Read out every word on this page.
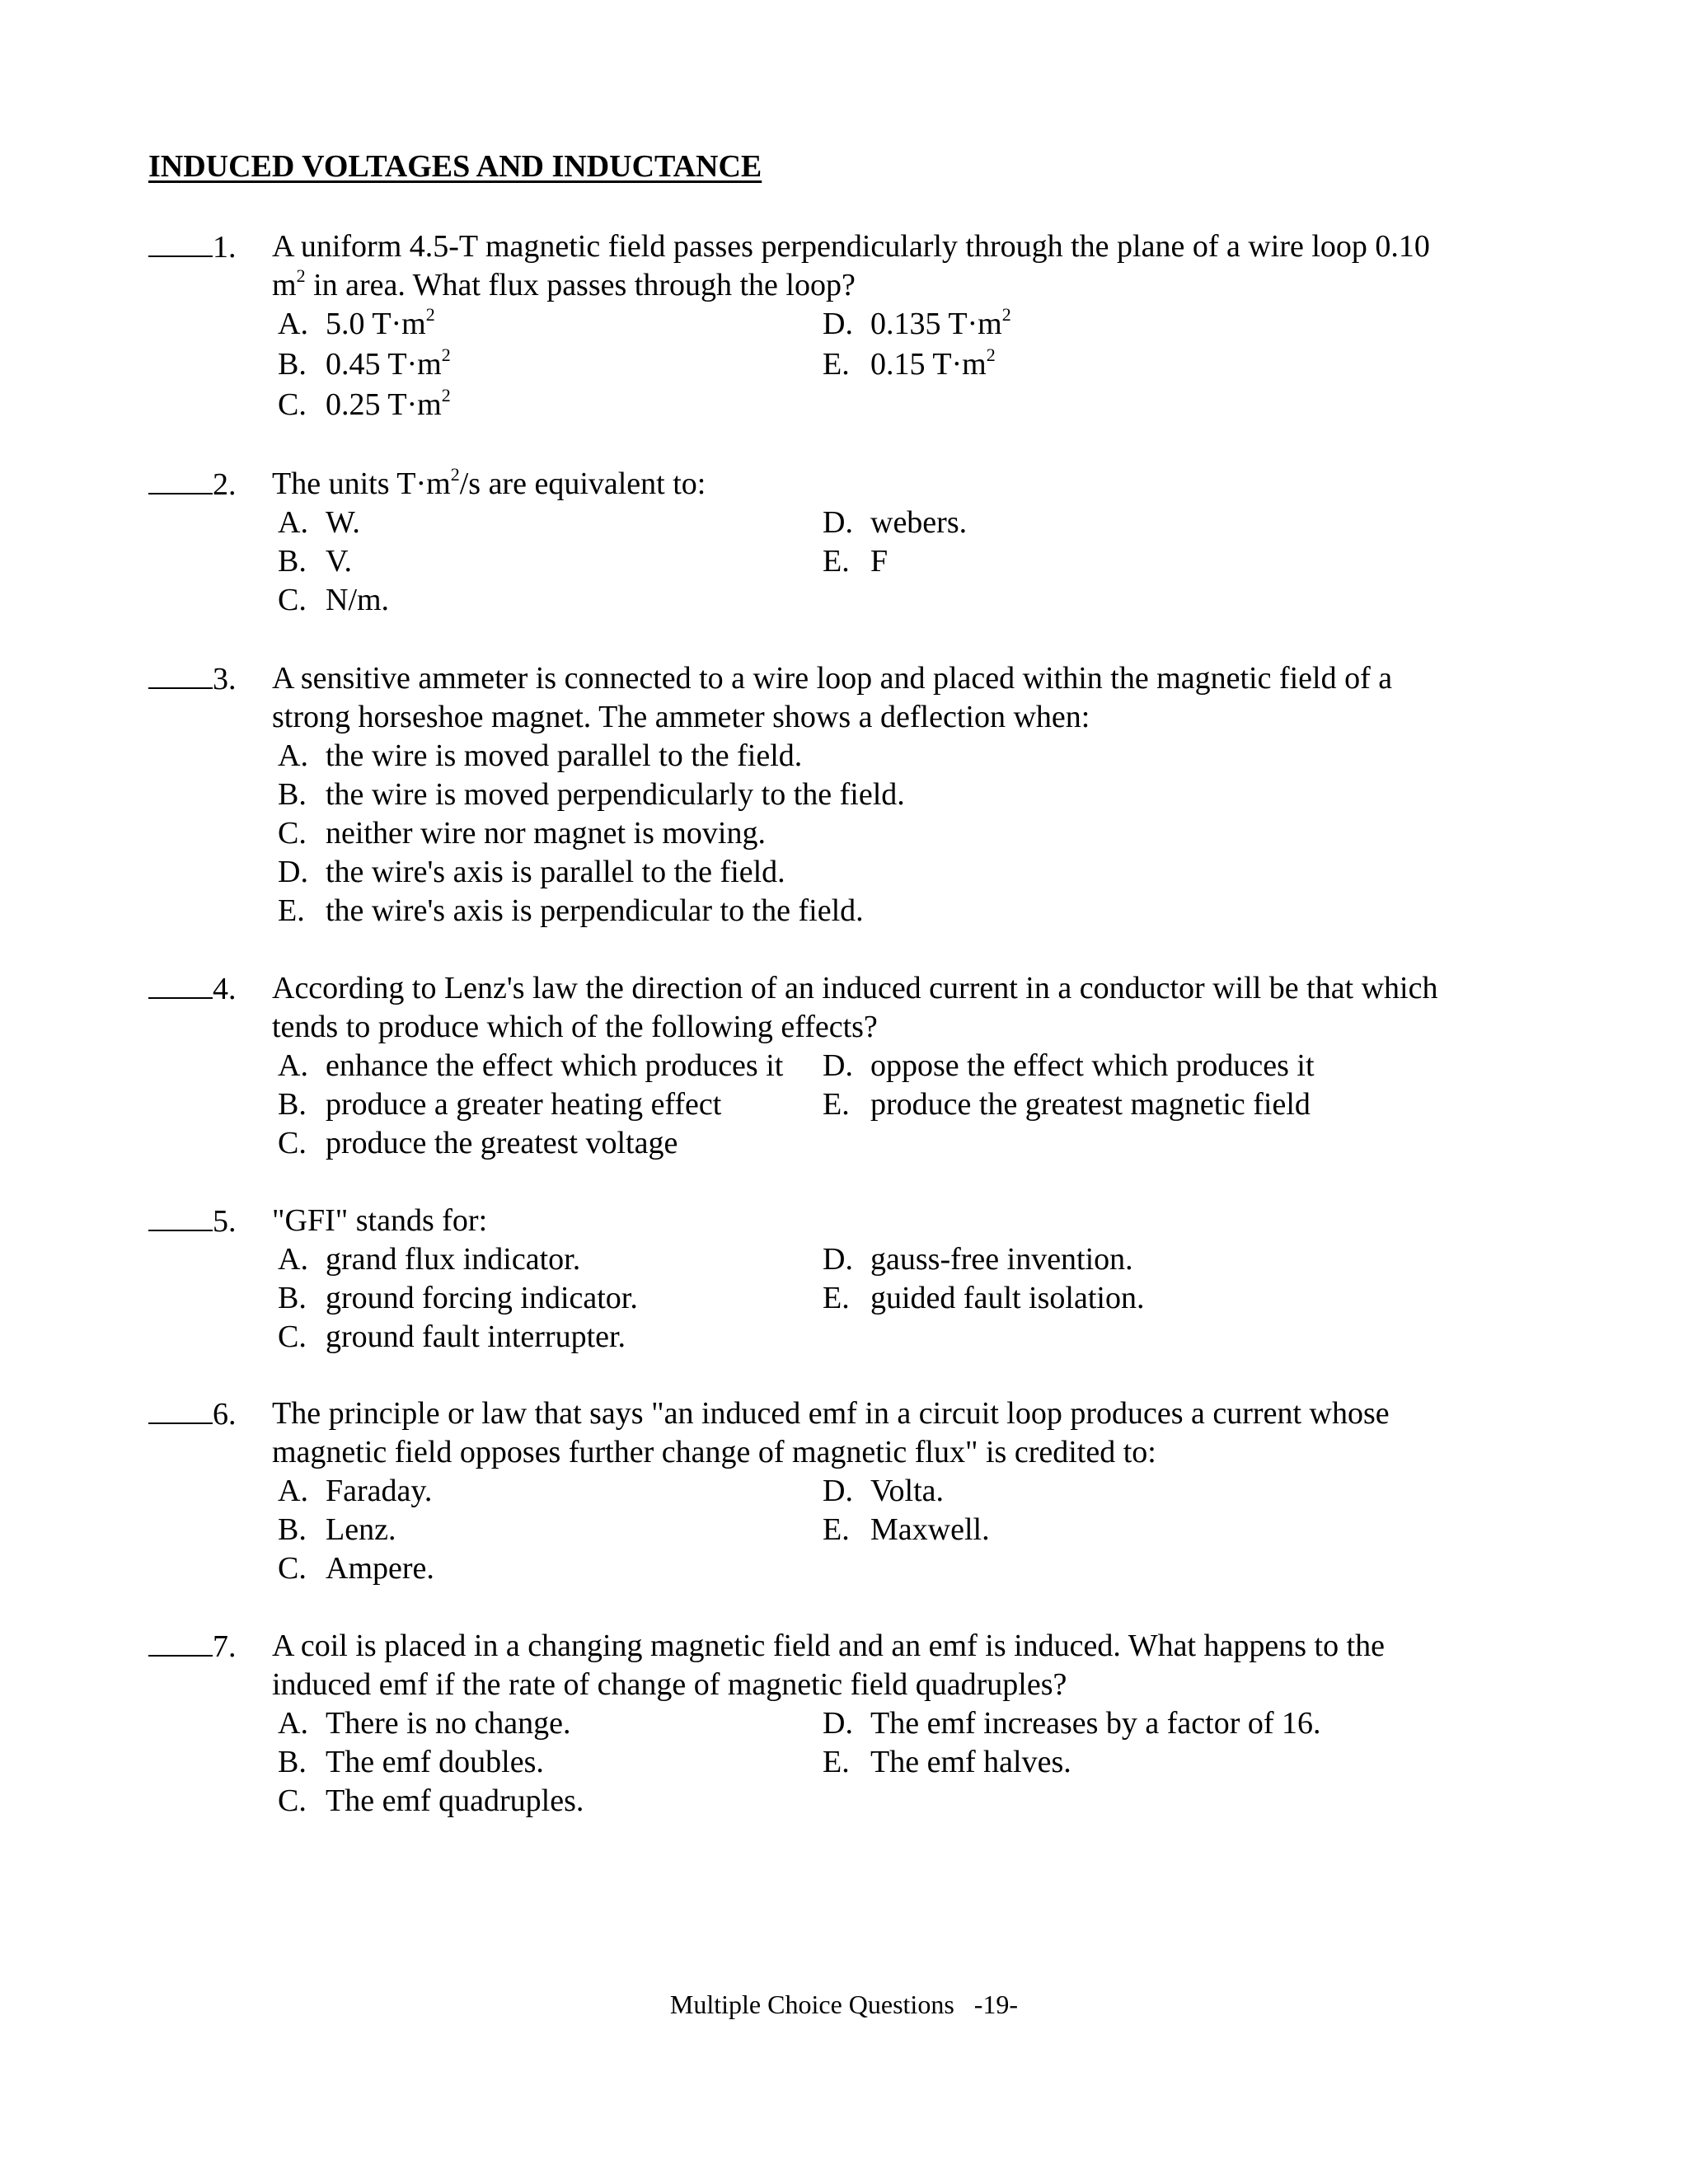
INDUCED VOLTAGES AND INDUCTANCE
1. A uniform 4.5-T magnetic field passes perpendicularly through the plane of a wire loop 0.10

$m^2$ in area. What flux passes through the loop?

A. 5.0 $T\cdot m^2$
B. 0.45 $T\cdot m^2$
C. 0.25 $T\cdot m^2$
D. 0.135 $T\cdot m^2$
E. 0.15 $T\cdot m^2$
2. The units $T\cdot m^2/s$ are equivalent to:

A. W.
B. V.
C. N/m.
D. webers.
E. F
3. A sensitive ammeter is connected to a wire loop and placed within the magnetic field of a

strong horseshoe magnet. The ammeter shows a deflection when:

A. the wire is moved parallel to the field.
B. the wire is moved perpendicularly to the field.
C. neither wire nor magnet is moving.
D. the wire's axis is parallel to the field.
E. the wire's axis is perpendicular to the field.
4. According to Lenz's law the direction of an induced current in a conductor will be that which

tends to produce which of the following effects?

A. enhance the effect which produces it
B. produce a greater heating effect
C. produce the greatest voltage
D. oppose the effect which produces it
E. produce the greatest magnetic field
5. "GFI" stands for:

A. grand flux indicator.
B. ground forcing indicator.
C. ground fault interrupter.
D. gauss-free invention.
E. guided fault isolation.
6. The principle or law that says "an induced emf in a circuit loop produces a current whose

magnetic field opposes further change of magnetic flux" is credited to:

A. Faraday.
B. Lenz.
C. Ampere.
D. Volta.
E. Maxwell.
7. A coil is placed in a changing magnetic field and an emf is induced. What happens to the

induced emf if the rate of change of magnetic field quadruples?

A. There is no change.
B. The emf doubles.
C. The emf quadruples.
D. The emf increases by a factor of 16.
E. The emf halves.
Multiple Choice Questions   -19-
